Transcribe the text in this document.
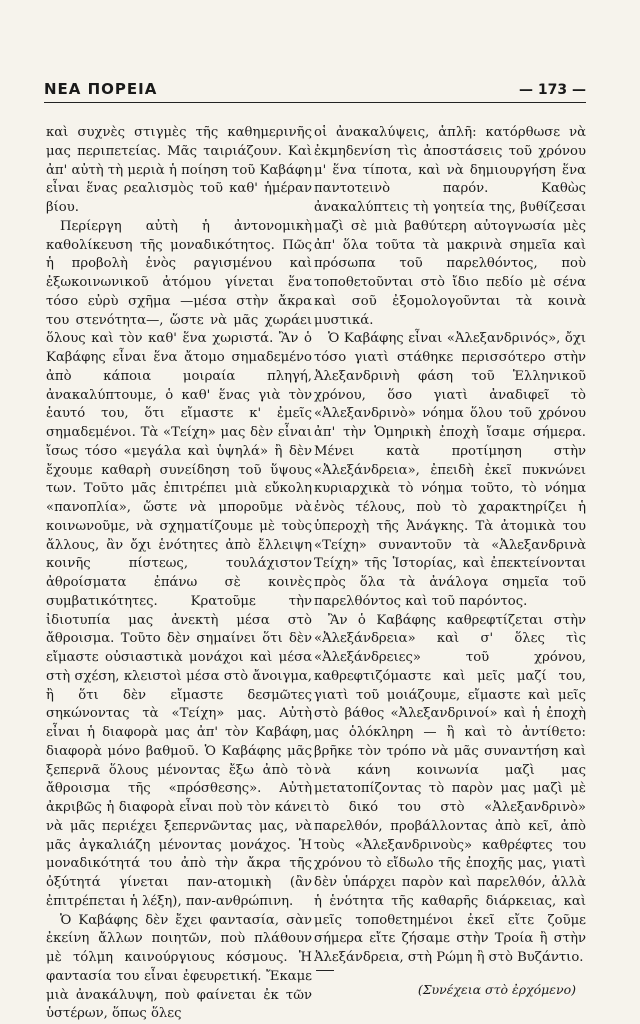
ΝΕΑ ΠΟΡΕΙΑ	— 173 —

καὶ συχνὲς στιγμὲς τῆς καθημερινῆς μας περιπετείας. Μᾶς ταιριάζουν. Καὶ ἀπ' αὐτὴ τὴ μεριὰ ἡ ποίηση τοῦ Καβάφη εἶναι ἕνας ρεαλισμὸς τοῦ καθ' ἡμέραν βίου.

Περίεργη αὐτὴ ἡ ἀντονομικὴ καθολίκευση τῆς μοναδικότητος. Πῶς ἡ προβολὴ ἑνὸς ραγισμένου καὶ ἐξωκοινωνικοῦ ἀτόμου γίνεται ἕνα τόσο εὐρὺ σχῆμα —μέσα στὴν ἄκρα του στενότητα—, ὥστε νὰ μᾶς χωράει ὅλους καὶ τὸν καθ' ἕνα χωριστά. Ἂν ὁ Καβάφης εἶναι ἕνα ἄτομο σημαδεμένο ἀπὸ κάποια μοιραία πληγή, ἀνακαλύπτουμε, ὁ καθ' ἕνας γιὰ τὸν ἑαυτό του, ὅτι εἴμαστε κ' ἐμεῖς σημαδεμένοι. Τὰ «Τείχη» μας δὲν εἶναι ἴσως τόσο «μεγάλα καὶ ὑψηλά» ἢ δὲν ἔχουμε καθαρὴ συνείδηση τοῦ ὕψους των. Τοῦτο μᾶς ἐπιτρέπει μιὰ εὔκολη «πανοπλία», ὥστε νὰ μποροῦμε νὰ κοινωνοῦμε, νὰ σχηματίζουμε μὲ τοὺς ἄλλους, ἂν ὄχι ἑνότητες ἀπὸ ἔλλειψη κοινῆς πίστεως, τουλάχιστον ἀθροίσματα ἐπάνω σὲ κοινὲς συμβατικότητες. Κρατοῦμε τὴν ἰδιοτυπία μας ἀνεκτὴ μέσα στὸ ἄθροισμα. Τοῦτο δὲν σημαίνει ὅτι δὲν εἴμαστε οὐσιαστικὰ μονάχοι καὶ μέσα στὴ σχέση, κλειστοὶ μέσα στὸ ἄνοιγμα, ἢ ὅτι δὲν εἴμαστε δεσμῶτες σηκώνοντας τὰ «Τείχη» μας. Αὐτὴ εἶναι ἡ διαφορὰ μας ἀπ' τὸν Καβάφη, διαφορὰ μόνο βαθμοῦ. Ὁ Καβάφης μᾶς ξεπερνᾶ ὅλους μένοντας ἔξω ἀπὸ τὸ ἄθροισμα τῆς «πρόσθεσης». Αὐτὴ ἀκριβῶς ἡ διαφορὰ εἶναι ποὺ τὸν κάνει νὰ μᾶς περιέχει ξεπερνῶντας μας, νὰ μᾶς ἀγκαλιάζη μένοντας μονάχος. Ἡ μοναδικότητά του ἀπὸ τὴν ἄκρα τῆς ὀξύτητά γίνεται παν-ατομικὴ (ἂν ἐπιτρέπεται ἡ λέξη), παν-ανθρώπινη.

Ὁ Καβάφης δὲν ἔχει φαντασία, σὰν ἐκείνη ἄλλων ποιητῶν, ποὺ πλάθουν μὲ τόλμη καινούργιους κόσμους. Ἡ φαντασία του εἶναι ἐφευρετική. Ἔκαμε μιὰ ἀνακάλυψη, ποὺ φαίνεται ἐκ τῶν ὑστέρων, ὅπως ὅλες

οἱ ἀνακαλύψεις, ἁπλῆ: κατόρθωσε νὰ ἐκμηδενίση τὶς ἀποστάσεις τοῦ χρόνου μ' ἕνα τίποτα, καὶ νὰ δημιουργήση ἕνα παντοτεινὸ παρόν. Καθὼς ἀνακαλύπτεις τὴ γοητεία της, βυθίζεσαι μαζὶ σὲ μιὰ βαθύτερη αὐτογνωσία μὲς ἀπ' ὅλα τοῦτα τὰ μακρινὰ σημεῖα καὶ πρόσωπα τοῦ παρελθόντος, ποὺ τοποθετοῦνται στὸ ἴδιο πεδίο μὲ σένα καὶ σοῦ ἐξομολογοῦνται τὰ κοινὰ μυστικά.

Ὁ Καβάφης εἶναι «Ἀλεξανδρινός», ὄχι τόσο γιατὶ στάθηκε περισσότερο στὴν Ἀλεξανδρινὴ φάση τοῦ Ἑλληνικοῦ χρόνου, ὅσο γιατὶ ἀναδιφεῖ τὸ «Ἀλεξανδρινὸ» νόημα ὅλου τοῦ χρόνου ἀπ' τὴν Ὁμηρικὴ ἐποχὴ ἴσαμε σήμερα. Μένει κατὰ προτίμηση στὴν «Ἀλεξάνδρεια», ἐπειδὴ ἐκεῖ πυκνώνει κυριαρχικὰ τὸ νόημα τοῦτο, τὸ νόημα ἑνὸς τέλους, ποὺ τὸ χαρακτηρίζει ἡ ὑπεροχὴ τῆς Ἀνάγκης. Τὰ ἀτομικὰ του «Τείχη» συναντοῦν τὰ «Ἀλεξανδρινὰ Τείχη» τῆς Ἱστορίας, καὶ ἐπεκτείνονται πρὸς ὅλα τὰ ἀνάλογα σημεῖα τοῦ παρελθόντος καὶ τοῦ παρόντος.

Ἂν ὁ Καβάφης καθρεφτίζεται στὴν «Ἀλεξάνδρεια» καὶ σ' ὅλες τὶς «Ἀλεξάνδρειες» τοῦ χρόνου, καθρεφτιζόμαστε καὶ μεῖς μαζί του, γιατὶ τοῦ μοιάζουμε, εἴμαστε καὶ μεῖς στὸ βάθος «Ἀλεξανδρινοί» καὶ ἡ ἐποχὴ μας ὁλόκληρη — ἢ καὶ τὸ ἀντίθετο: βρῆκε τὸν τρόπο νὰ μᾶς συναντήση καὶ νὰ κάνη κοινωνία μαζὶ μας μετατοπίζοντας τὸ παρὸν μας μαζὶ μὲ τὸ δικό του στὸ «Ἀλεξανδρινὸ» παρελθόν, προβάλλοντας ἀπὸ κεῖ, ἀπὸ τοὺς «Ἀλεξανδρινοὺς» καθρέφτες του χρόνου τὸ εἴδωλο τῆς ἐποχῆς μας, γιατὶ δὲν ὑπάρχει παρὸν καὶ παρελθόν, ἀλλὰ ἡ ἑνότητα τῆς καθαρῆς διάρκειας, καὶ μεῖς τοποθετημένοι ἐκεῖ εἴτε ζοῦμε σήμερα εἴτε ζήσαμε στὴν Τροία ἢ στὴν Ἀλεξάνδρεια, στὴ Ρώμη ἢ στὸ Βυζάντιο.

(Συνέχεια στὸ ἐρχόμενο)
